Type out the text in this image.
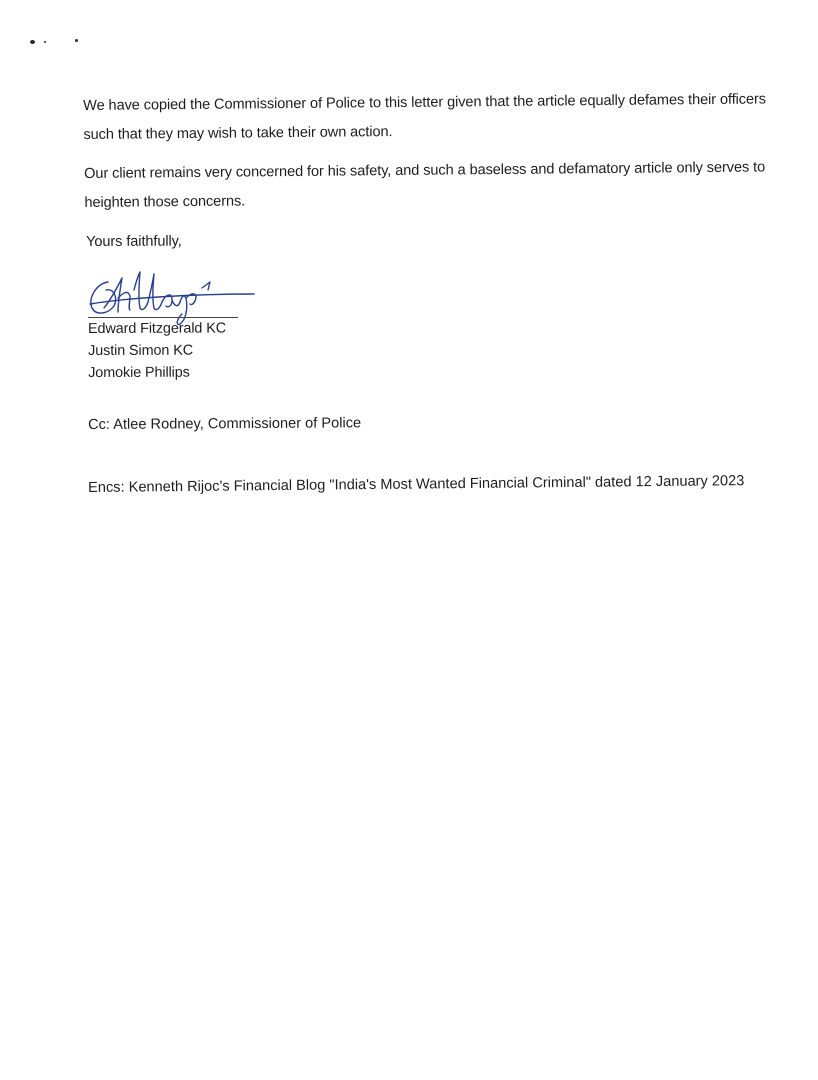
We have copied the Commissioner of Police to this letter given that the article equally defames their officers
such that they may wish to take their own action.
Our client remains very concerned for his safety, and such a baseless and defamatory article only serves to
heighten those concerns.
Yours faithfully,
Edward Fitzgerald KC
Justin Simon KC
Jomokie Phillips
Cc: Atlee Rodney, Commissioner of Police
Encs: Kenneth Rijoc's Financial Blog "India's Most Wanted Financial Criminal" dated 12 January 2023
